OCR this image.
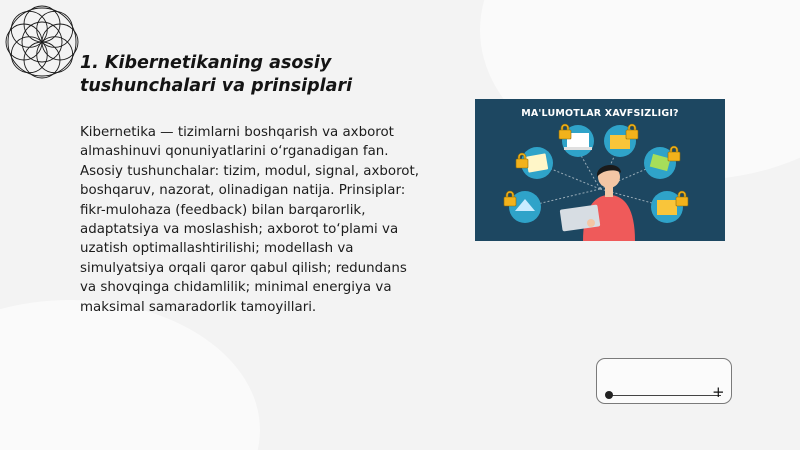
1. Kibernetikaning asosiy
tushunchalari va prinsiplari

Kibernetika — tizimlarni boshqarish va axborot almashinuvi qonuniyatlarini o‘rganadigan fan. Asosiy tushunchalar: tizim, modul, signal, axborot, boshqaruv, nazorat, olinadigan natija. Prinsiplar: fikr-mulohaza (feedback) bilan barqarorlik, adaptatsiya va moslashish; axborot to‘plami va uzatish optimallashtirilishi; modellash va simulyatsiya orqali qaror qabul qilish; redundans va shovqinga chidamlilik; minimal energiya va maksimal samaradorlik tamoyillari.

MA'LUMOTLAR XAVFSIZLIGI?
+
